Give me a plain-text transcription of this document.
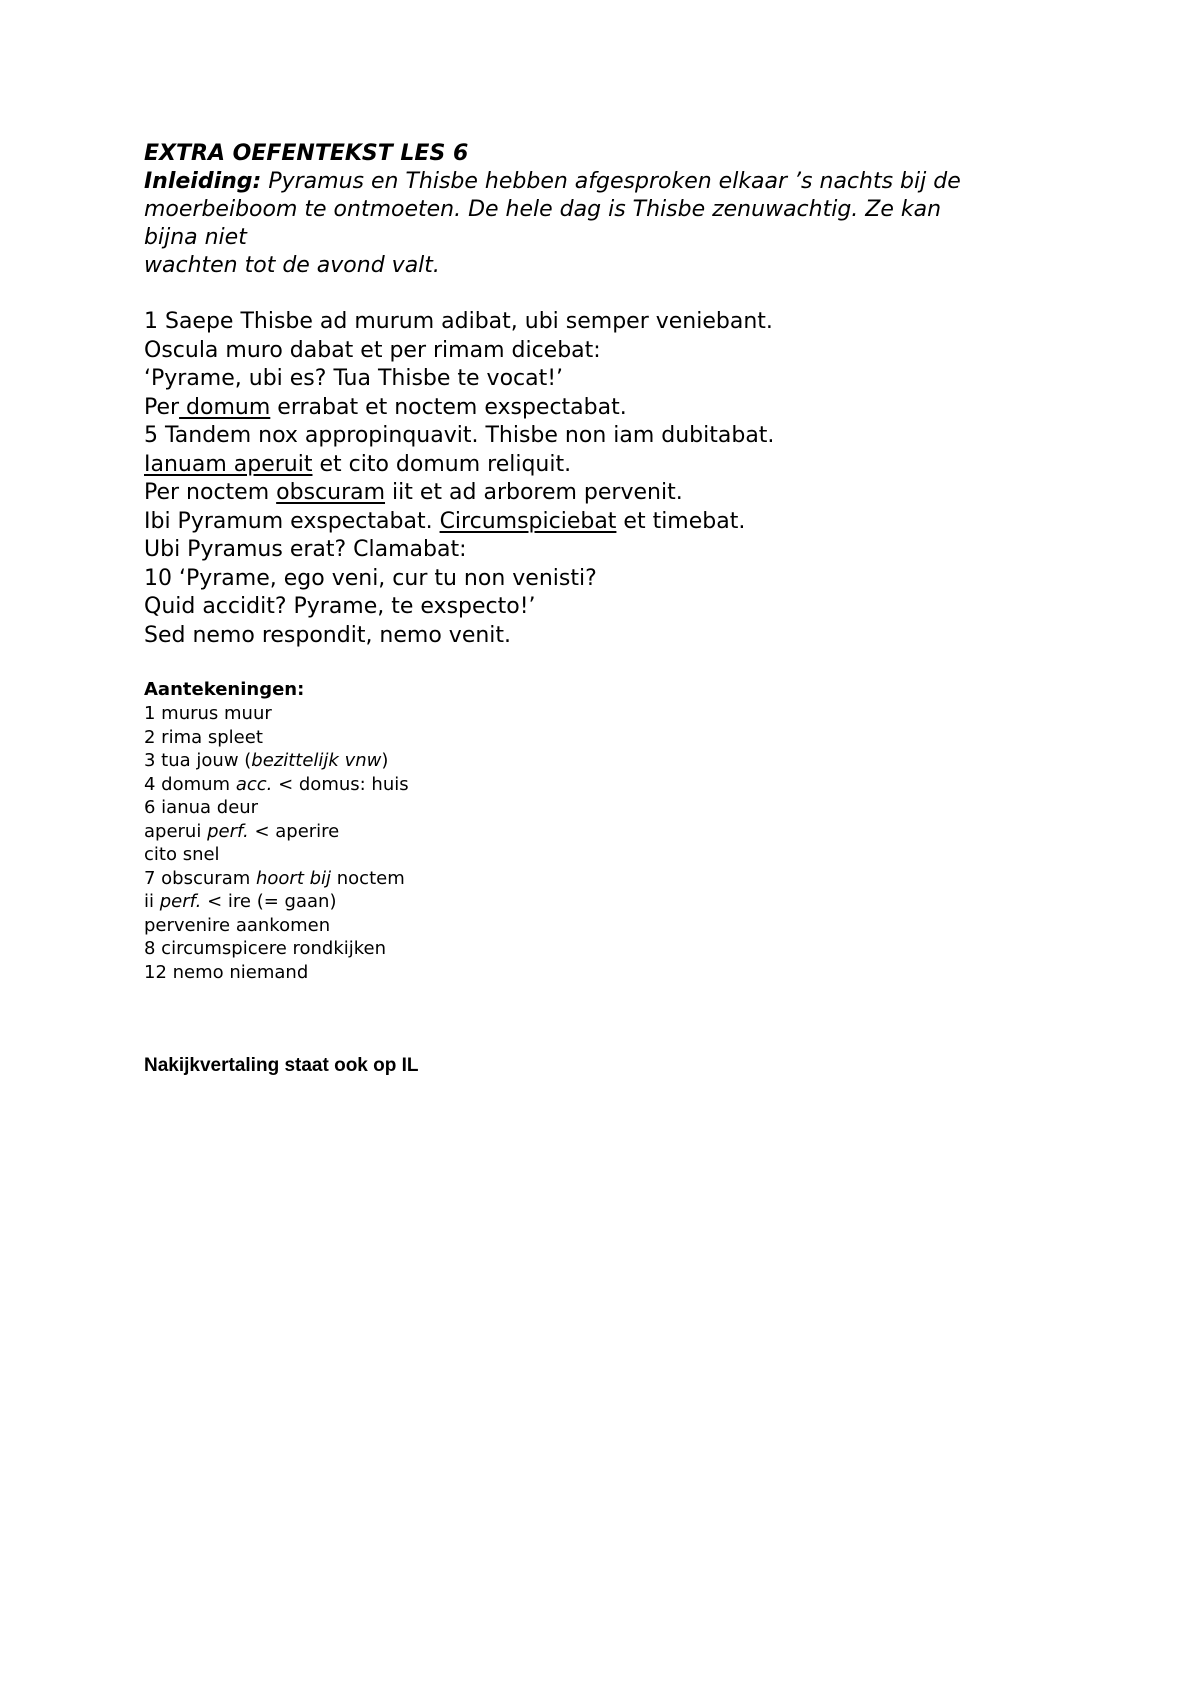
EXTRA OEFENTEKST LES 6
Inleiding: Pyramus en Thisbe hebben afgesproken elkaar ’s nachts bij de
moerbeiboom te ontmoeten. De hele dag is Thisbe zenuwachtig. Ze kan
bijna niet
wachten tot de avond valt.
1 Saepe Thisbe ad murum adibat, ubi semper veniebant.
Oscula muro dabat et per rimam dicebat:
‘Pyrame, ubi es? Tua Thisbe te vocat!’
Per domum errabat et noctem exspectabat.
5 Tandem nox appropinquavit. Thisbe non iam dubitabat.
Ianuam aperuit et cito domum reliquit.
Per noctem obscuram iit et ad arborem pervenit.
Ibi Pyramum exspectabat. Circumspiciebat et timebat.
Ubi Pyramus erat? Clamabat:
10 ‘Pyrame, ego veni, cur tu non venisti?
Quid accidit? Pyrame, te exspecto!’
Sed nemo respondit, nemo venit.
Aantekeningen:
1 murus muur
2 rima spleet
3 tua jouw (bezittelijk vnw)
4 domum acc. < domus: huis
6 ianua deur
aperui perf. < aperire
cito snel
7 obscuram hoort bij noctem
ii perf. < ire (= gaan)
pervenire aankomen
8 circumspicere rondkijken
12 nemo niemand
Nakijkvertaling staat ook op IL
